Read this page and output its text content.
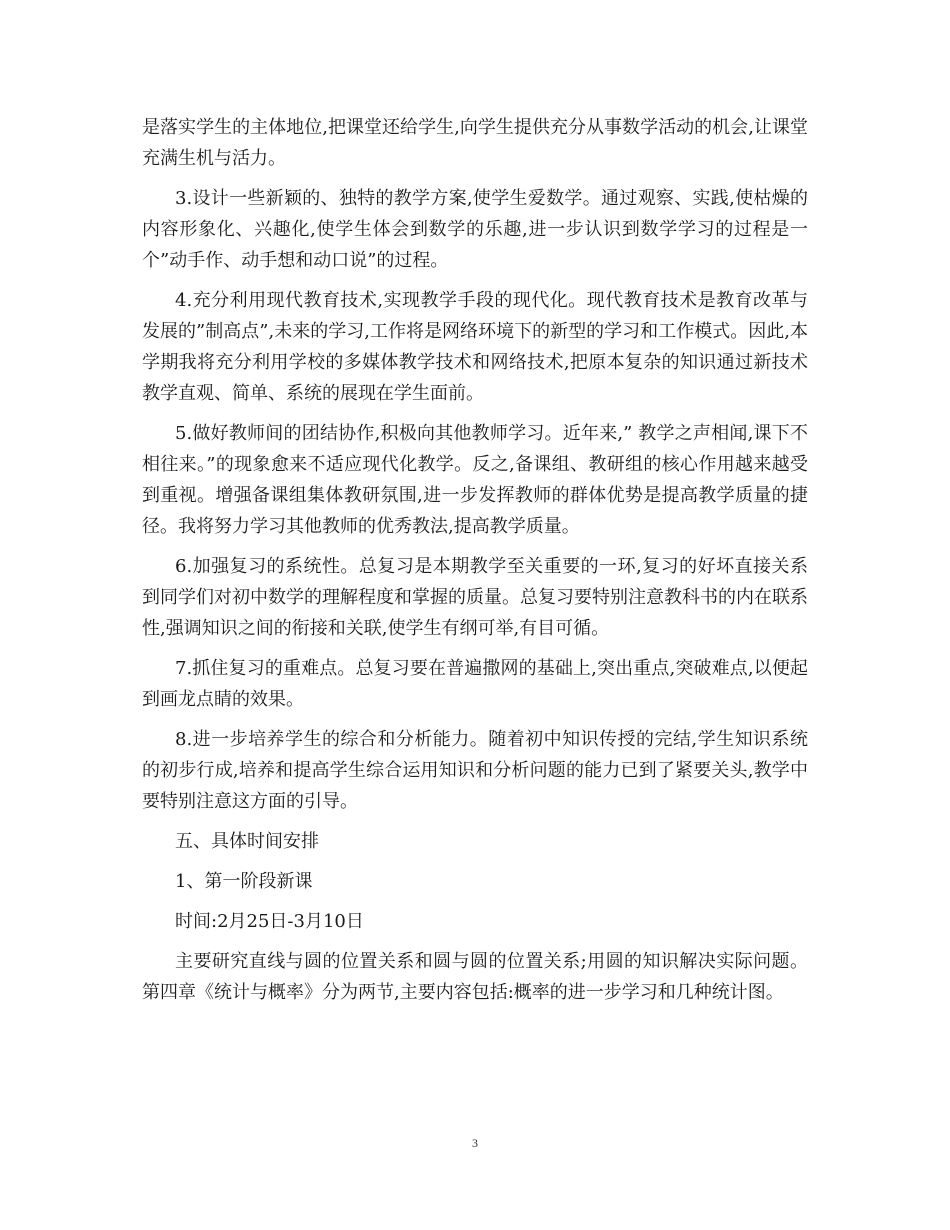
是落实学生的主体地位,把课堂还给学生,向学生提供充分从事数学活动的机会,让课堂充满生机与活力。

3.设计一些新颖的、独特的教学方案,使学生爱数学。通过观察、实践,使枯燥的内容形象化、兴趣化,使学生体会到数学的乐趣,进一步认识到数学学习的过程是一个”动手作、动手想和动口说”的过程。

4.充分利用现代教育技术,实现教学手段的现代化。现代教育技术是教育改革与发展的”制高点”,未来的学习,工作将是网络环境下的新型的学习和工作模式。因此,本学期我将充分利用学校的多媒体教学技术和网络技术,把原本复杂的知识通过新技术教学直观、简单、系统的展现在学生面前。

5.做好教师间的团结协作,积极向其他教师学习。近年来,” 教学之声相闻,课下不相往来。”的现象愈来不适应现代化教学。反之,备课组、教研组的核心作用越来越受到重视。增强备课组集体教研氛围,进一步发挥教师的群体优势是提高教学质量的捷径。我将努力学习其他教师的优秀教法,提高教学质量。

6.加强复习的系统性。总复习是本期教学至关重要的一环,复习的好坏直接关系到同学们对初中数学的理解程度和掌握的质量。总复习要特别注意教科书的内在联系性,强调知识之间的衔接和关联,使学生有纲可举,有目可循。

7.抓住复习的重难点。总复习要在普遍撒网的基础上,突出重点,突破难点,以便起到画龙点睛的效果。

8.进一步培养学生的综合和分析能力。随着初中知识传授的完结,学生知识系统的初步行成,培养和提高学生综合运用知识和分析问题的能力已到了紧要关头,教学中要特别注意这方面的引导。

五、具体时间安排

1、第一阶段新课

时间:2月25日-3月10日

主要研究直线与圆的位置关系和圆与圆的位置关系;用圆的知识解决实际问题。第四章《统计与概率》分为两节,主要内容包括:概率的进一步学习和几种统计图。

3
